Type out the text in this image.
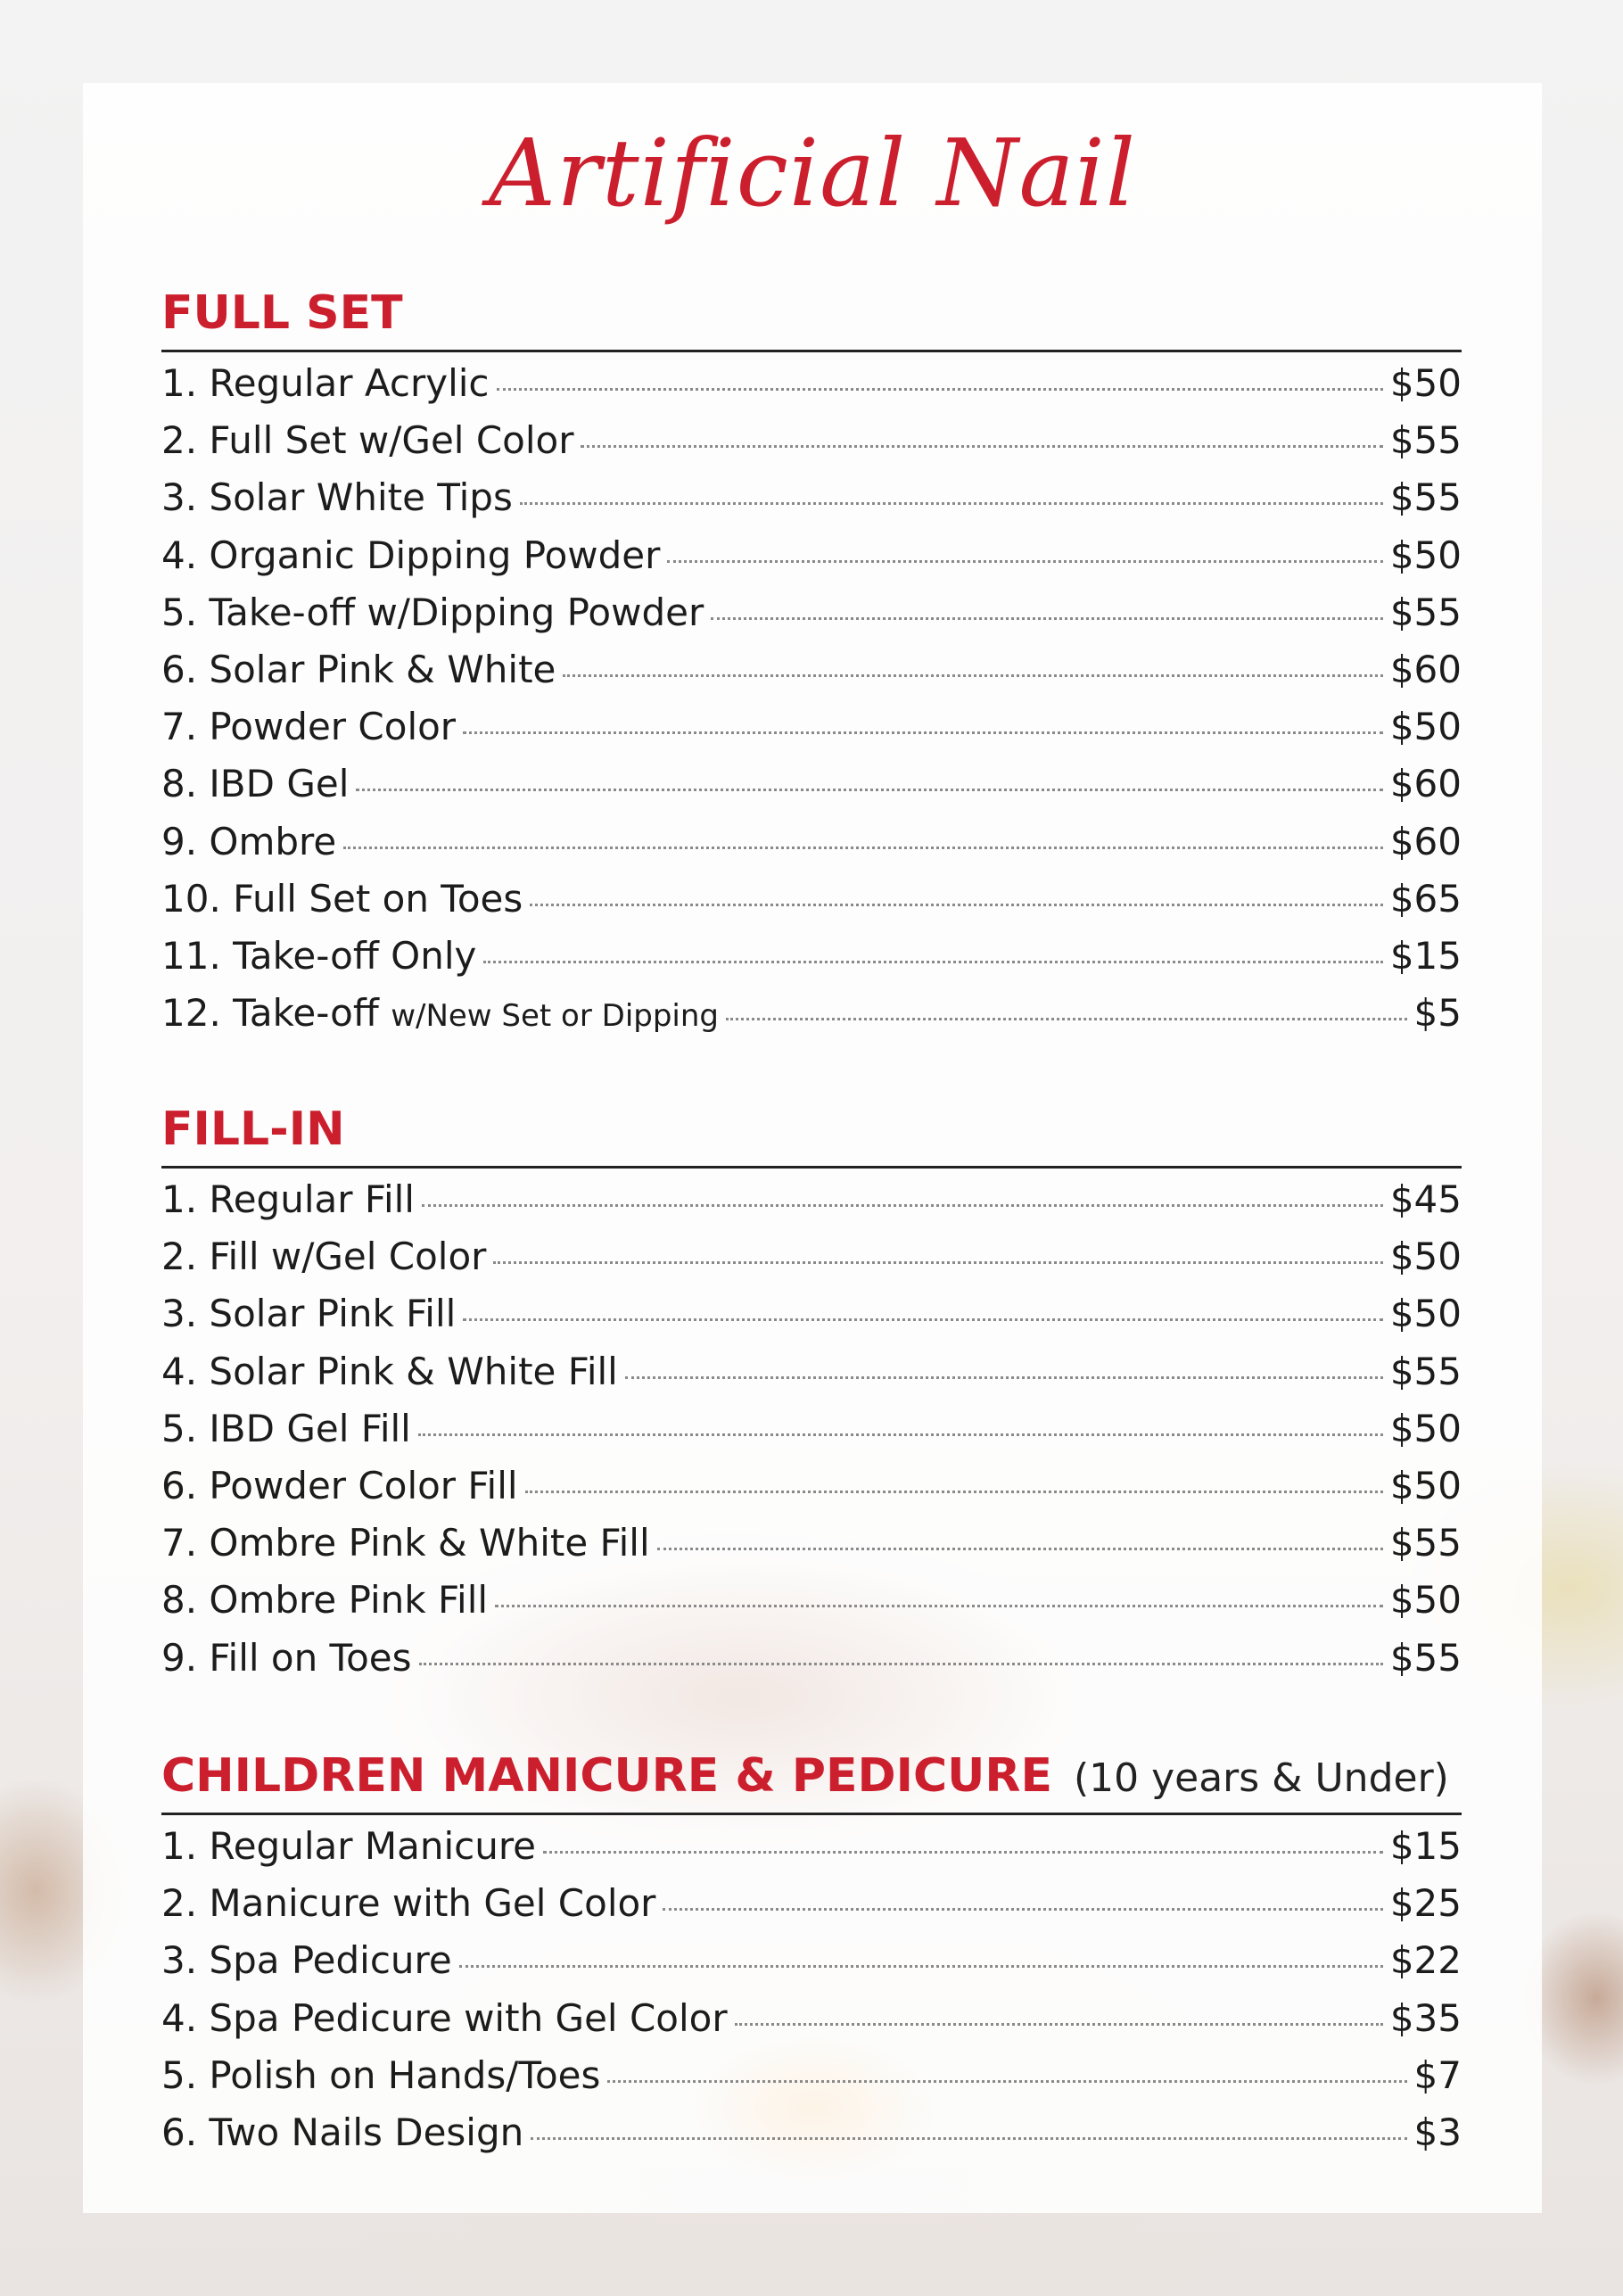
Artificial Nail
FULL SET
1. Regular Acrylic	$50
2. Full Set w/Gel Color	$55
3. Solar White Tips	$55
4. Organic Dipping Powder	$50
5. Take-off w/Dipping Powder	$55
6. Solar Pink & White	$60
7. Powder Color	$50
8. IBD Gel	$60
9. Ombre	$60
10. Full Set on Toes	$65
11. Take-off Only	$15
12. Take-off w/New Set or Dipping	$5
FILL-IN
1. Regular Fill	$45
2. Fill w/Gel Color	$50
3. Solar Pink Fill	$50
4. Solar Pink & White Fill	$55
5. IBD Gel Fill	$50
6. Powder Color Fill	$50
7. Ombre Pink & White Fill	$55
8. Ombre Pink Fill	$50
9. Fill on Toes	$55
CHILDREN MANICURE & PEDICURE (10 years & Under)
1. Regular Manicure	$15
2. Manicure with Gel Color	$25
3. Spa Pedicure	$22
4. Spa Pedicure with Gel Color	$35
5. Polish on Hands/Toes	$7
6. Two Nails Design	$3
